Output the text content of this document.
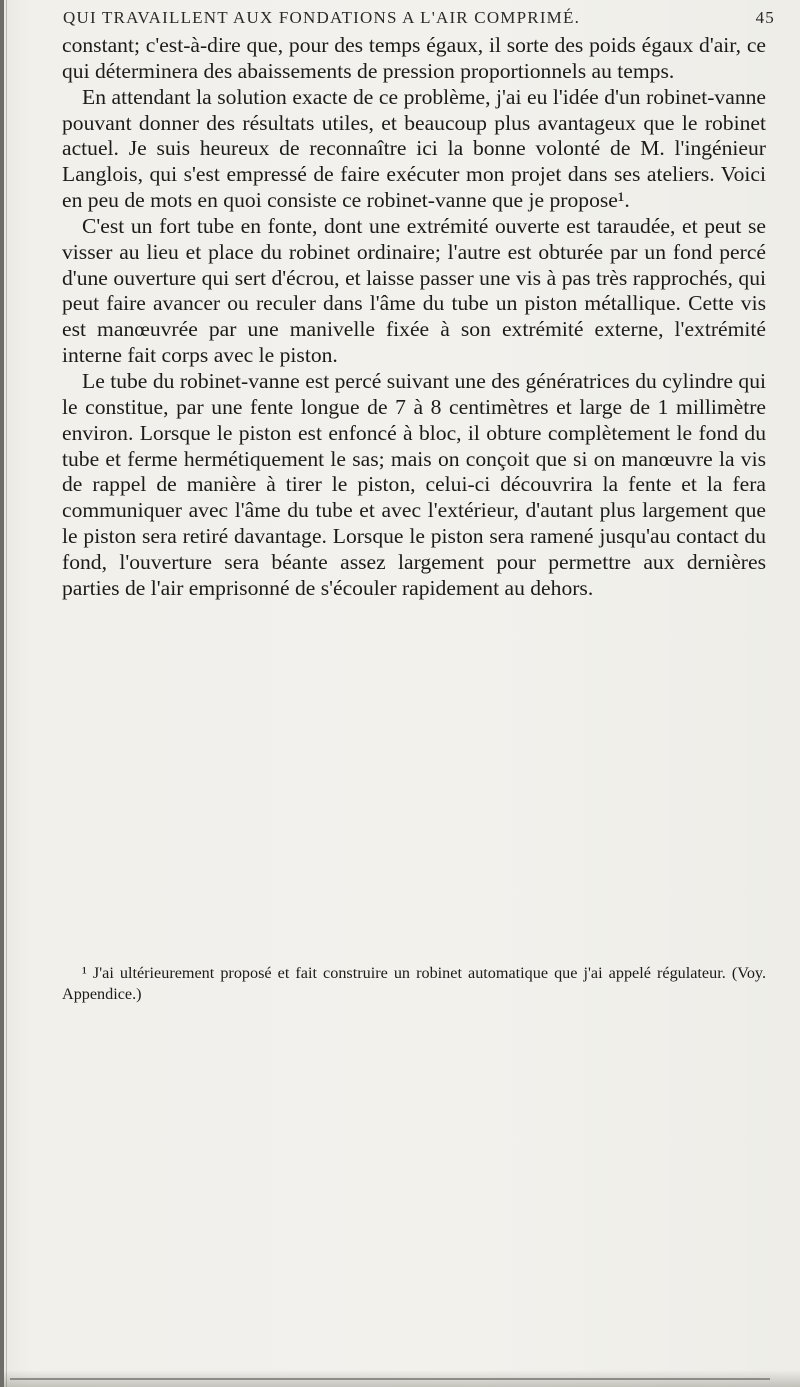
QUI TRAVAILLENT AUX FONDATIONS A L'AIR COMPRIMÉ.	45

constant; c'est-à-dire que, pour des temps égaux, il sorte des poids égaux d'air, ce qui déterminera des abaissements de pression proportionnels au temps.

En attendant la solution exacte de ce problème, j'ai eu l'idée d'un robinet-vanne pouvant donner des résultats utiles, et beaucoup plus avantageux que le robinet actuel. Je suis heureux de reconnaître ici la bonne volonté de M. l'ingénieur Langlois, qui s'est empressé de faire exécuter mon projet dans ses ateliers. Voici en peu de mots en quoi consiste ce robinet-vanne que je propose¹.

C'est un fort tube en fonte, dont une extrémité ouverte est taraudée, et peut se visser au lieu et place du robinet ordinaire; l'autre est obturée par un fond percé d'une ouverture qui sert d'écrou, et laisse passer une vis à pas très rapprochés, qui peut faire avancer ou reculer dans l'âme du tube un piston métallique. Cette vis est manœuvrée par une manivelle fixée à son extrémité externe, l'extrémité interne fait corps avec le piston.

Le tube du robinet-vanne est percé suivant une des génératrices du cylindre qui le constitue, par une fente longue de 7 à 8 centimètres et large de 1 millimètre environ. Lorsque le piston est enfoncé à bloc, il obture complètement le fond du tube et ferme hermétiquement le sas; mais on conçoit que si on manœuvre la vis de rappel de manière à tirer le piston, celui-ci découvrira la fente et la fera communiquer avec l'âme du tube et avec l'extérieur, d'autant plus largement que le piston sera retiré davantage. Lorsque le piston sera ramené jusqu'au contact du fond, l'ouverture sera béante assez largement pour permettre aux dernières parties de l'air emprisonné de s'écouler rapidement au dehors.

¹ J'ai ultérieurement proposé et fait construire un robinet automatique que j'ai appelé régulateur. (Voy. Appendice.)
